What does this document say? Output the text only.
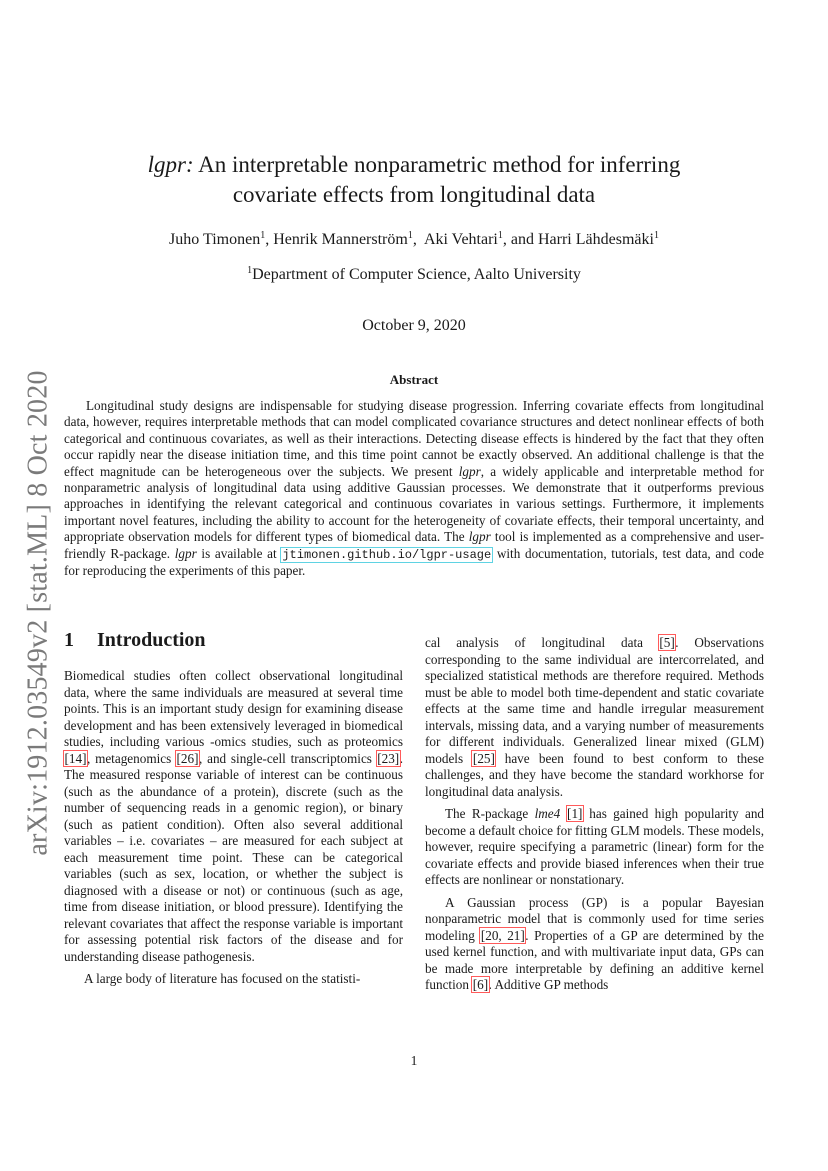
arXiv:1912.03549v2 [stat.ML] 8 Oct 2020
lgpr: An interpretable nonparametric method for inferring
covariate effects from longitudinal data
Juho Timonen$^1$, Henrik Mannerström$^1$,  Aki Vehtari$^1$, and Harri Lähdesmäki$^1$
$^1$Department of Computer Science, Aalto University
October 9, 2020
Abstract

Longitudinal study designs are indispensable for studying disease progression. Inferring covariate effects from longitudinal data, however, requires interpretable methods that can model complicated covariance structures and detect nonlinear effects of both categorical and continuous covariates, as well as their interactions. Detecting disease effects is hindered by the fact that they often occur rapidly near the disease initiation time, and this time point cannot be exactly observed. An additional challenge is that the effect magnitude can be heterogeneous over the subjects. We present lgpr, a widely applicable and interpretable method for nonparametric analysis of longitudinal data using additive Gaussian processes. We demonstrate that it outperforms previous approaches in identifying the relevant categorical and continuous covariates in various settings. Furthermore, it implements important novel features, including the ability to account for the heterogeneity of covariate effects, their temporal uncertainty, and appropriate observation models for different types of biomedical data. The lgpr tool is implemented as a comprehensive and user-friendly R-package. lgpr is available at jtimonen.github.io/lgpr-usage with documentation, tutorials, test data, and code for reproducing the experiments of this paper.

1 Introduction

Biomedical studies often collect observational longitudinal data, where the same individuals are measured at several time points. This is an important study design for examining disease development and has been extensively leveraged in biomedical studies, including various -omics studies, such as proteomics [14], metagenomics [26], and single-cell transcriptomics [23]. The measured response variable of interest can be continuous (such as the abundance of a protein), discrete (such as the number of sequencing reads in a genomic region), or binary (such as patient condition). Often also several additional variables – i.e. covariates – are measured for each subject at each measurement time point. These can be categorical variables (such as sex, location, or whether the subject is diagnosed with a disease or not) or continuous (such as age, time from disease initiation, or blood pressure). Identifying the relevant covariates that affect the response variable is important for assessing potential risk factors of the disease and for understanding disease pathogenesis.

A large body of literature has focused on the statisti-

cal analysis of longitudinal data [5]. Observations corresponding to the same individual are intercorrelated, and specialized statistical methods are therefore required. Methods must be able to model both time-dependent and static covariate effects at the same time and handle irregular measurement intervals, missing data, and a varying number of measurements for different individuals. Generalized linear mixed (GLM) models [25] have been found to best conform to these challenges, and they have become the standard workhorse for longitudinal data analysis.

The R-package lme4 [1] has gained high popularity and become a default choice for fitting GLM models. These models, however, require specifying a parametric (linear) form for the covariate effects and provide biased inferences when their true effects are nonlinear or nonstationary.

A Gaussian process (GP) is a popular Bayesian nonparametric model that is commonly used for time series modeling [20, 21]. Properties of a GP are determined by the used kernel function, and with multivariate input data, GPs can be made more interpretable by defining an additive kernel function [6]. Additive GP methods

1
